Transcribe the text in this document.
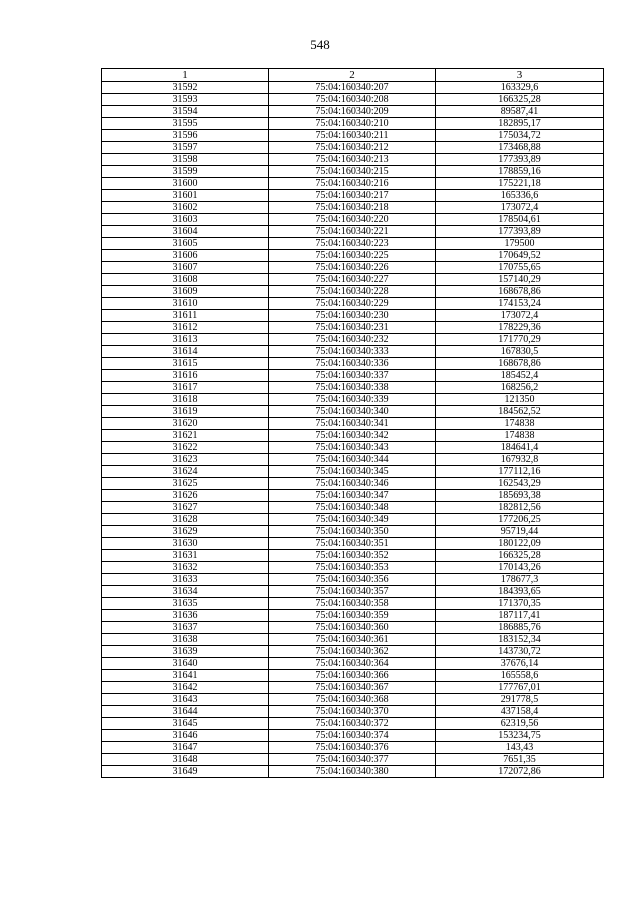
548
1	2	3
31592	75:04:160340:207	163329,6
31593	75:04:160340:208	166325,28
31594	75:04:160340:209	89587,41
31595	75:04:160340:210	182895,17
31596	75:04:160340:211	175034,72
31597	75:04:160340:212	173468,88
31598	75:04:160340:213	177393,89
31599	75:04:160340:215	178859,16
31600	75:04:160340:216	175221,18
31601	75:04:160340:217	165336,6
31602	75:04:160340:218	173072,4
31603	75:04:160340:220	178504,61
31604	75:04:160340:221	177393,89
31605	75:04:160340:223	179500
31606	75:04:160340:225	170649,52
31607	75:04:160340:226	170755,65
31608	75:04:160340:227	157140,29
31609	75:04:160340:228	168678,86
31610	75:04:160340:229	174153,24
31611	75:04:160340:230	173072,4
31612	75:04:160340:231	178229,36
31613	75:04:160340:232	171770,29
31614	75:04:160340:333	167830,5
31615	75:04:160340:336	168678,86
31616	75:04:160340:337	185452,4
31617	75:04:160340:338	168256,2
31618	75:04:160340:339	121350
31619	75:04:160340:340	184562,52
31620	75:04:160340:341	174838
31621	75:04:160340:342	174838
31622	75:04:160340:343	184641,4
31623	75:04:160340:344	167932,8
31624	75:04:160340:345	177112,16
31625	75:04:160340:346	162543,29
31626	75:04:160340:347	185693,38
31627	75:04:160340:348	182812,56
31628	75:04:160340:349	177206,25
31629	75:04:160340:350	95719,44
31630	75:04:160340:351	180122,09
31631	75:04:160340:352	166325,28
31632	75:04:160340:353	170143,26
31633	75:04:160340:356	178677,3
31634	75:04:160340:357	184393,65
31635	75:04:160340:358	171370,35
31636	75:04:160340:359	187117,41
31637	75:04:160340:360	186885,76
31638	75:04:160340:361	183152,34
31639	75:04:160340:362	143730,72
31640	75:04:160340:364	37676,14
31641	75:04:160340:366	165558,6
31642	75:04:160340:367	177767,01
31643	75:04:160340:368	291778,5
31644	75:04:160340:370	437158,4
31645	75:04:160340:372	62319,56
31646	75:04:160340:374	153234,75
31647	75:04:160340:376	143,43
31648	75:04:160340:377	7651,35
31649	75:04:160340:380	172072,86
